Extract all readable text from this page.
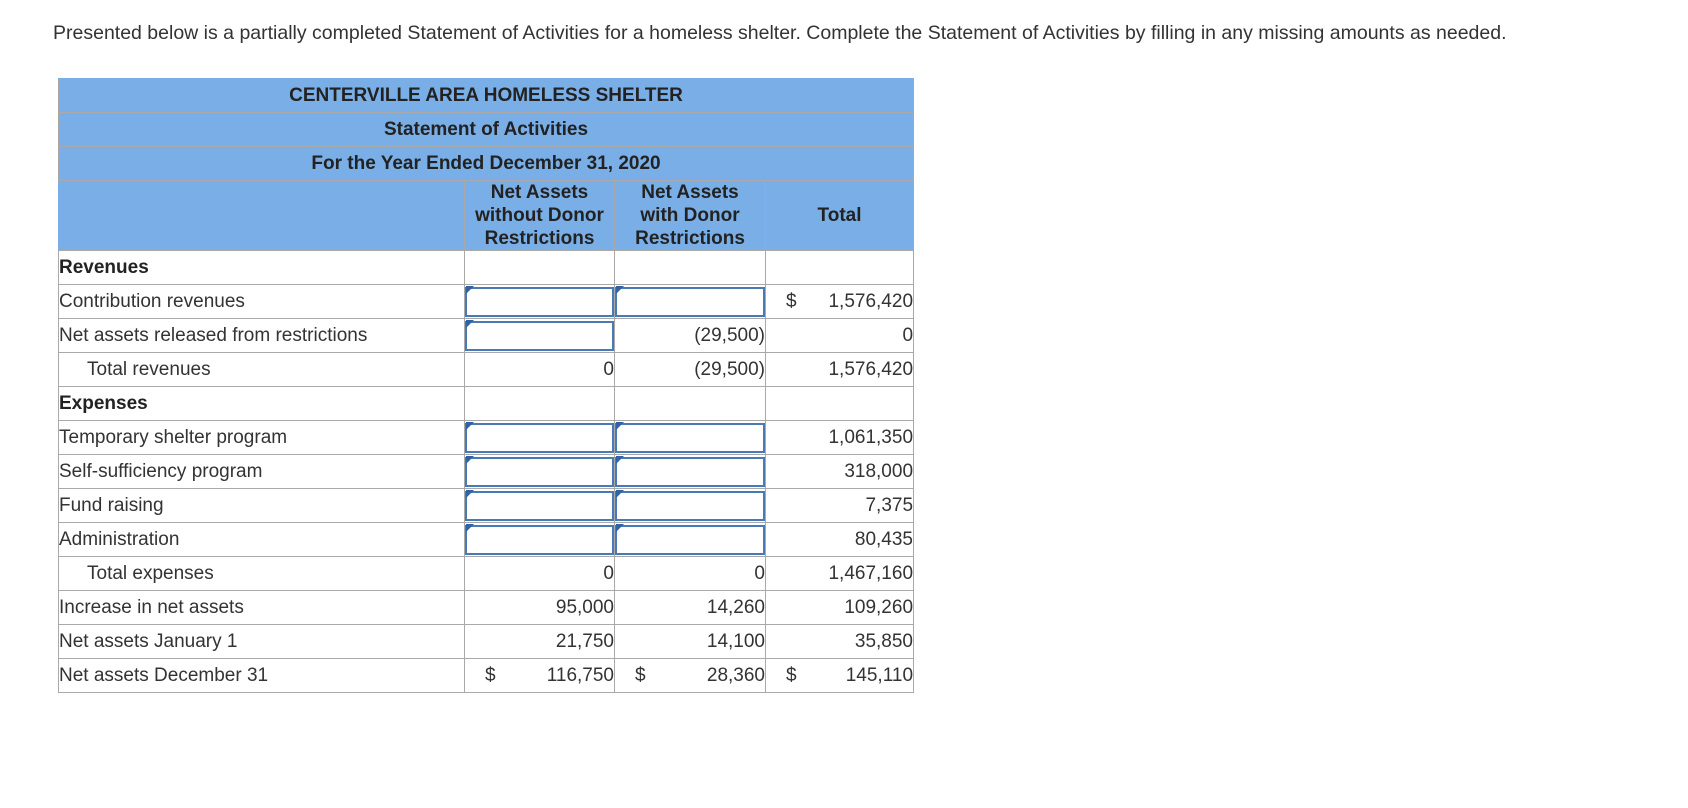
Presented below is a partially completed Statement of Activities for a homeless shelter. Complete the Statement of Activities by filling in any missing amounts as needed.
CENTERVILLE AREA HOMELESS SHELTER			
Statement of Activities			
For the Year Ended December 31, 2020			
	Net Assets
without Donor
Restrictions	Net Assets
with Donor
Restrictions	Total
Revenues			
Contribution revenues			$ 1,576,420
Net assets released from restrictions		(29,500)	0
Total revenues	0	(29,500)	1,576,420
Expenses			
Temporary shelter program			1,061,350
Self-sufficiency program			318,000
Fund raising			7,375
Administration			80,435
Total expenses	0	0	1,467,160
Increase in net assets	95,000	14,260	109,260
Net assets January 1	21,750	14,100	35,850
Net assets December 31	$ 116,750	$ 28,360	$ 145,110
